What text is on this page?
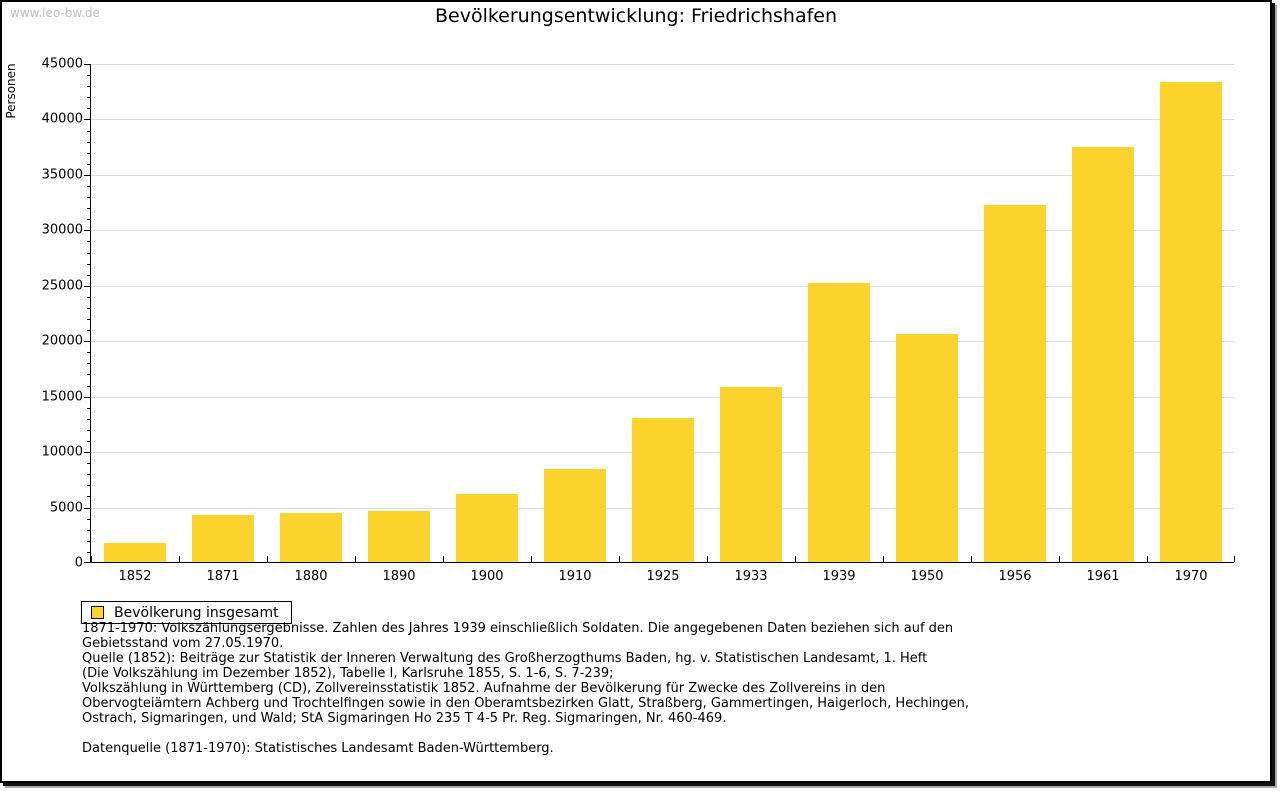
www.leo-bw.de	Bevölkerungsentwicklung: Friedrichshafen
Personen
0
5000
10000
15000
20000
25000
30000
35000
40000
45000
1852	1871	1880	1890	1900	1910	1925	1933	1939	1950	1956	1961	1970
Bevölkerung insgesamt
1871-1970: Volkszählungsergebnisse. Zahlen des Jahres 1939 einschließlich Soldaten. Die angegebenen Daten beziehen sich auf den
Gebietsstand vom 27.05.1970.
Quelle (1852): Beiträge zur Statistik der Inneren Verwaltung des Großherzogthums Baden, hg. v. Statistischen Landesamt, 1. Heft
(Die Volkszählung im Dezember 1852), Tabelle I, Karlsruhe 1855, S. 1-6, S. 7-239;
Volkszählung in Württemberg (CD), Zollvereinsstatistik 1852. Aufnahme der Bevölkerung für Zwecke des Zollvereins in den
Obervogteiämtern Achberg und Trochtelfingen sowie in den Oberamtsbezirken Glatt, Straßberg, Gammertingen, Haigerloch, Hechingen,
Ostrach, Sigmaringen, und Wald; StA Sigmaringen Ho 235 T 4-5 Pr. Reg. Sigmaringen, Nr. 460-469.
Datenquelle (1871-1970): Statistisches Landesamt Baden-Württemberg.
